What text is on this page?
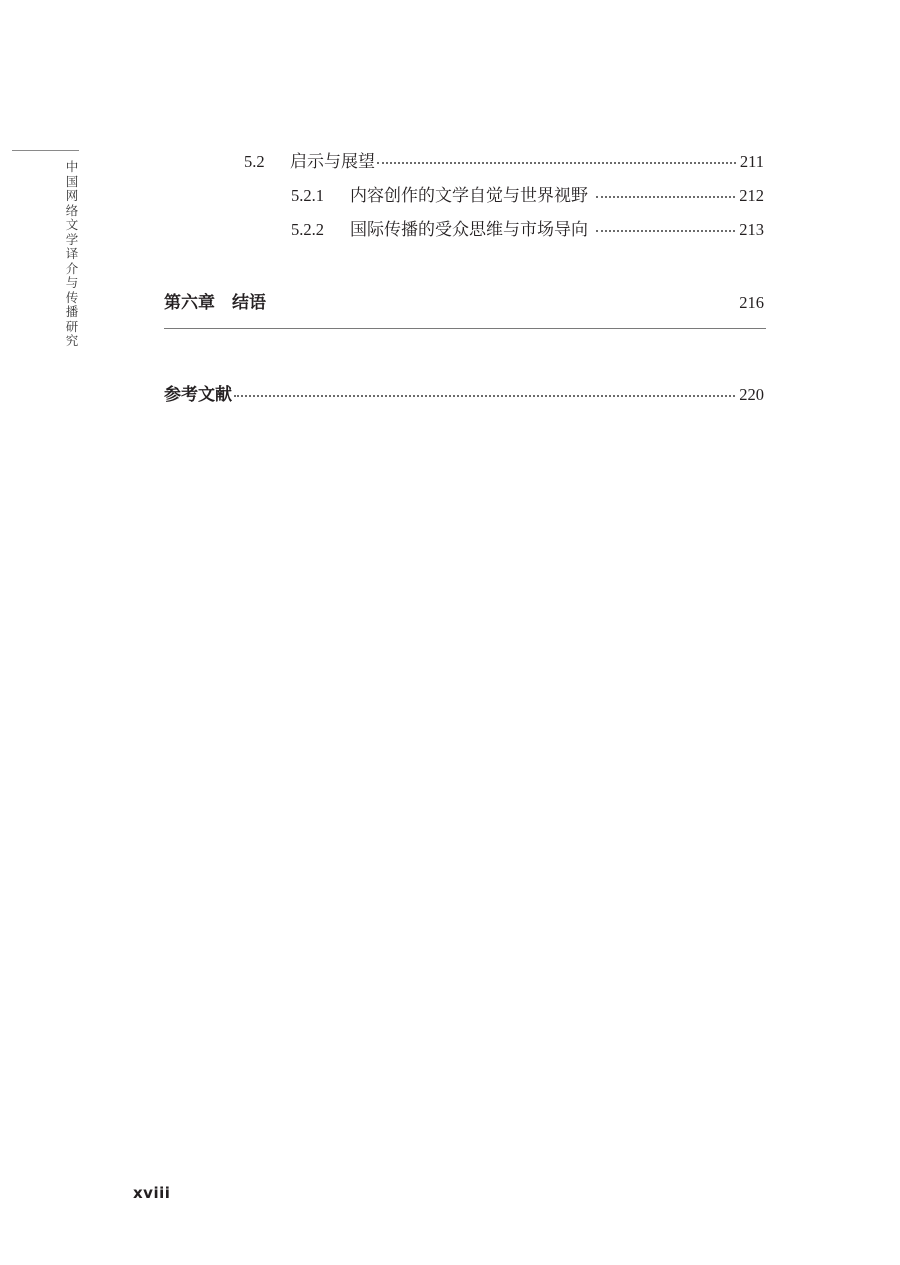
中国网络文学译介与传播研究
5.2	启示与展望	211
5.2.1	内容创作的文学自觉与世界视野	212
5.2.2	国际传播的受众思维与市场导向	213
第六章　结语	216
参考文献	220
xviii
